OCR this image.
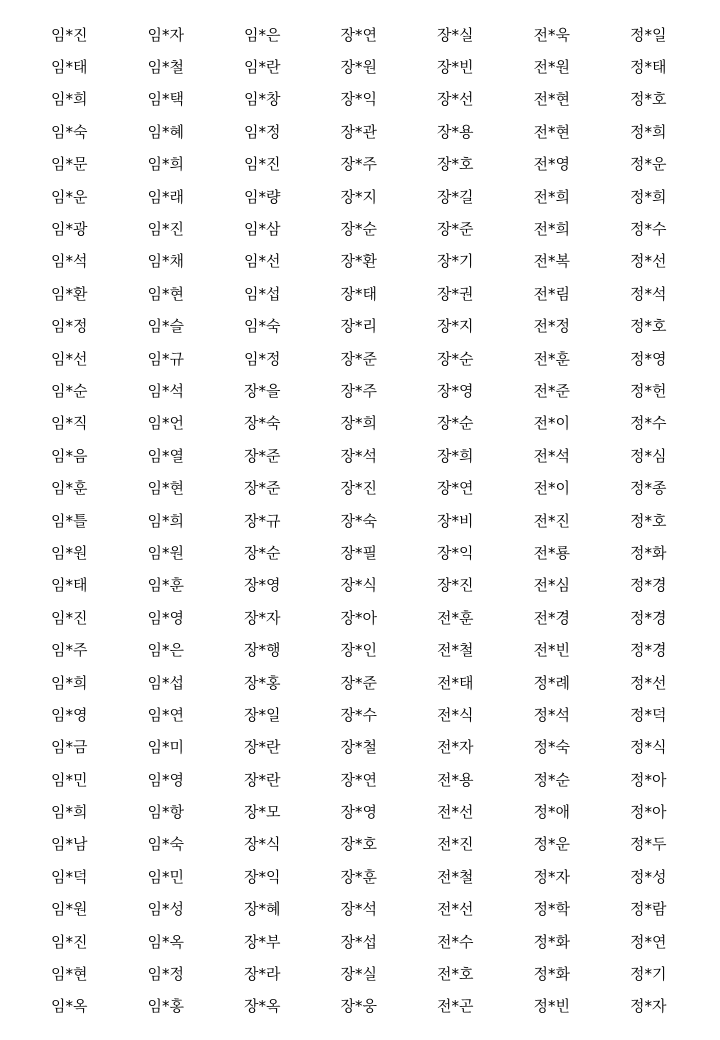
임*진	임*자	임*은	장*연	장*실	전*욱	정*일
임*태	임*철	임*란	장*원	장*빈	전*원	정*태
임*희	임*택	임*창	장*익	장*선	전*현	정*호
임*숙	임*혜	임*정	장*관	장*용	전*현	정*희
임*문	임*희	임*진	장*주	장*호	전*영	정*운
임*운	임*래	임*량	장*지	장*길	전*희	정*희
임*광	임*진	임*삼	장*순	장*준	전*희	정*수
임*석	임*채	임*선	장*환	장*기	전*복	정*선
임*환	임*현	임*섭	장*태	장*권	전*림	정*석
임*정	임*슬	임*숙	장*리	장*지	전*정	정*호
임*선	임*규	임*정	장*준	장*순	전*훈	정*영
임*순	임*석	장*을	장*주	장*영	전*준	정*헌
임*직	임*언	장*숙	장*희	장*순	전*이	정*수
임*음	임*열	장*준	장*석	장*희	전*석	정*심
임*훈	임*현	장*준	장*진	장*연	전*이	정*종
임*틀	임*희	장*규	장*숙	장*비	전*진	정*호
임*원	임*원	장*순	장*필	장*익	전*룡	정*화
임*태	임*훈	장*영	장*식	장*진	전*심	정*경
임*진	임*영	장*자	장*아	전*훈	전*경	정*경
임*주	임*은	장*행	장*인	전*철	전*빈	정*경
임*희	임*섭	장*홍	장*준	전*태	정*례	정*선
임*영	임*연	장*일	장*수	전*식	정*석	정*덕
임*금	임*미	장*란	장*철	전*자	정*숙	정*식
임*민	임*영	장*란	장*연	전*용	정*순	정*아
임*희	임*항	장*모	장*영	전*선	정*애	정*아
임*남	임*숙	장*식	장*호	전*진	정*운	정*두
임*덕	임*민	장*익	장*훈	전*철	정*자	정*성
임*원	임*성	장*혜	장*석	전*선	정*학	정*람
임*진	임*옥	장*부	장*섭	전*수	정*화	정*연
임*현	임*정	장*라	장*실	전*호	정*화	정*기
임*옥	임*홍	장*옥	장*웅	전*곤	정*빈	정*자
